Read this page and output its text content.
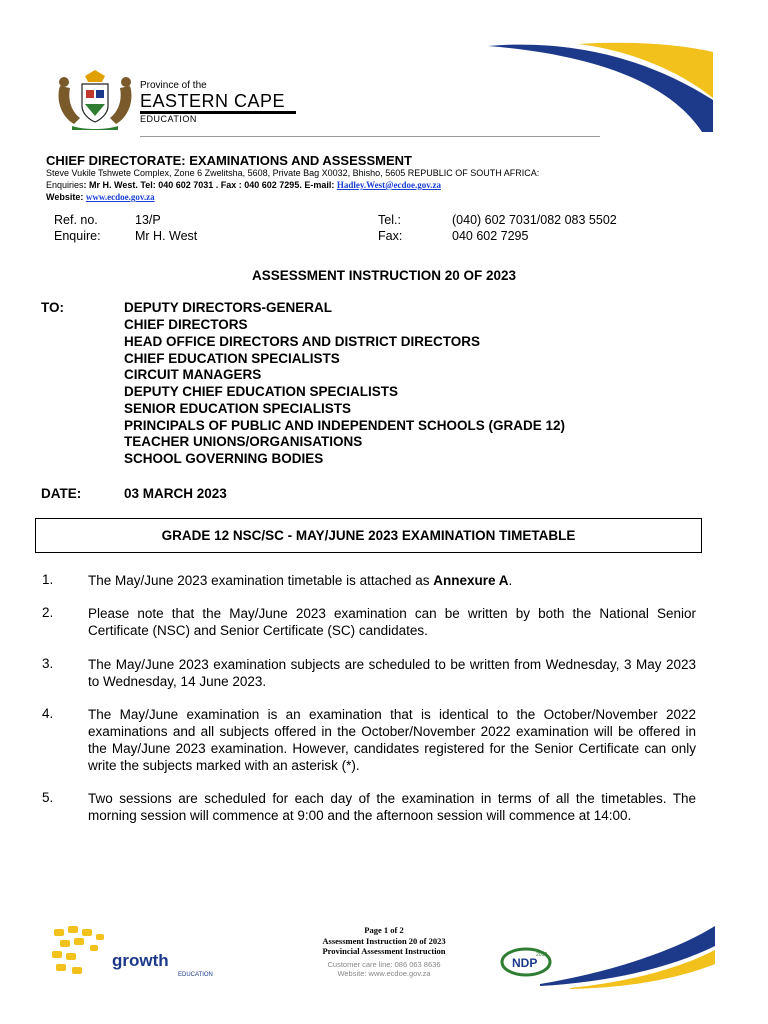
Province of the
EASTERN CAPE
EDUCATION
CHIEF DIRECTORATE: EXAMINATIONS AND ASSESSMENT
Steve Vukile Tshwete Complex, Zone 6 Zwelitsha, 5608, Private Bag X0032, Bhisho, 5605 REPUBLIC OF SOUTH AFRICA:
Enquiries: Mr H. West. Tel: 040 602 7031 . Fax : 040 602 7295. E-mail: Hadley.West@ecdoe.gov.za
Website: www.ecdoe.gov.za
Ref. no.	13/P	Tel.:	(040) 602 7031/082 083 5502
Enquire:	Mr H. West	Fax:	040 602 7295
ASSESSMENT INSTRUCTION 20 OF 2023
TO:	DEPUTY DIRECTORS-GENERAL
CHIEF DIRECTORS
HEAD OFFICE DIRECTORS AND DISTRICT DIRECTORS
CHIEF EDUCATION SPECIALISTS
CIRCUIT MANAGERS
DEPUTY CHIEF EDUCATION SPECIALISTS
SENIOR EDUCATION SPECIALISTS
PRINCIPALS OF PUBLIC AND INDEPENDENT SCHOOLS (GRADE 12)
TEACHER UNIONS/ORGANISATIONS
SCHOOL GOVERNING BODIES
DATE:	03 MARCH 2023
GRADE 12 NSC/SC - MAY/JUNE 2023 EXAMINATION TIMETABLE
1.	The May/June 2023 examination timetable is attached as Annexure A.
2.	Please note that the May/June 2023 examination can be written by both the National Senior Certificate (NSC) and Senior Certificate (SC) candidates.
3.	The May/June 2023 examination subjects are scheduled to be written from Wednesday, 3 May 2023 to Wednesday, 14 June 2023.
4.	The May/June examination is an examination that is identical to the October/November 2022 examinations and all subjects offered in the October/November 2022 examination will be offered in the May/June 2023 examination. However, candidates registered for the Senior Certificate can only write the subjects marked with an asterisk (*).
5.	Two sessions are scheduled for each day of the examination in terms of all the timetables. The morning session will commence at 9:00 and the afternoon session will commence at 14:00.
growth
EDUCATION
Page 1 of 2
Assessment Instruction 20 of 2023
Provincial Assessment Instruction
Customer care line: 086 063 8636
Website: www.ecdoe.gov.za
NDP
2030
